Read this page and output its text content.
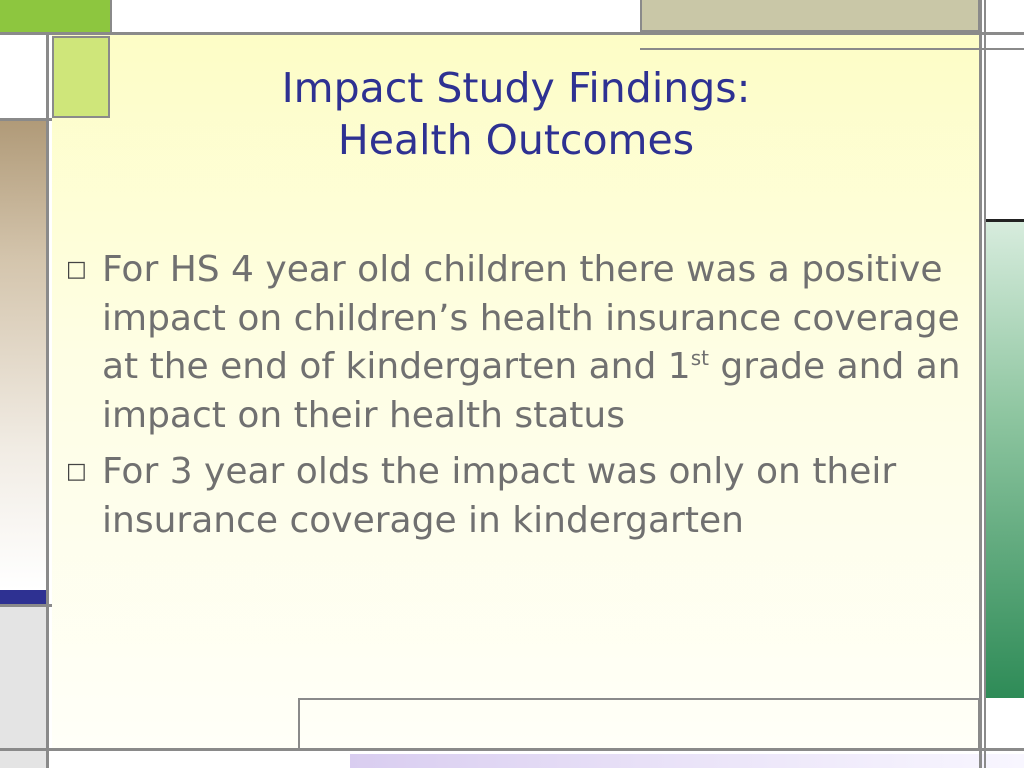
Impact Study Findings:
Health Outcomes
□ For HS 4 year old children there was a positive impact on children’s health insurance coverage at the end of kindergarten and 1st grade and an impact on their health status
□ For 3 year olds the impact was only on their insurance coverage in kindergarten
